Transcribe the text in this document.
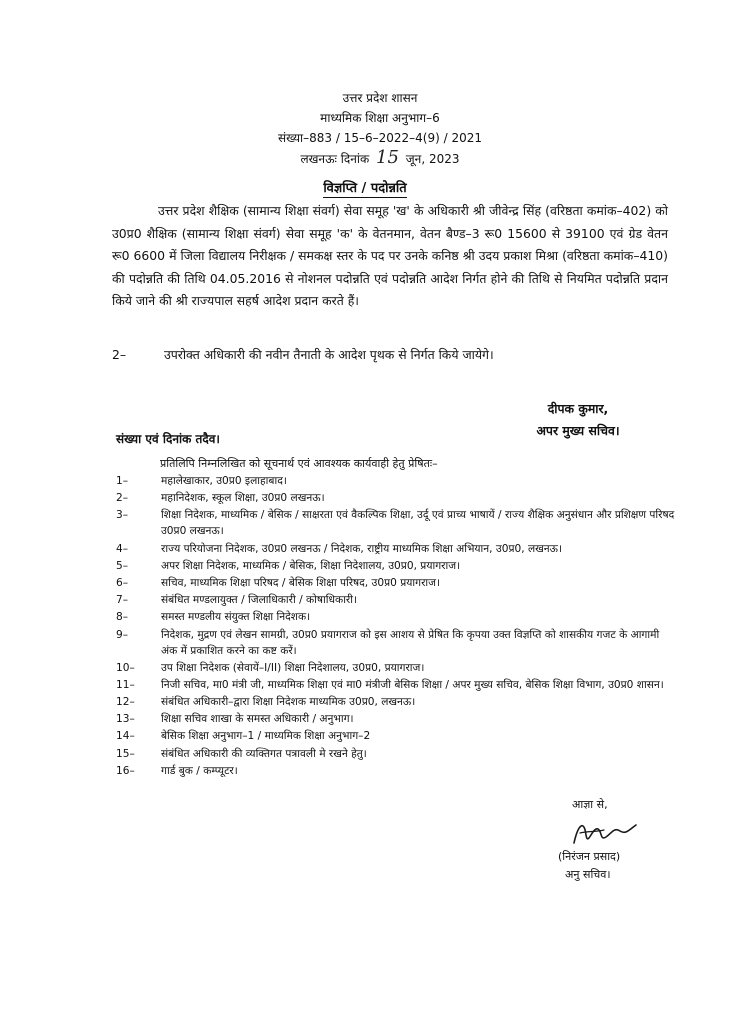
उत्तर प्रदेश शासन
माध्यमिक शिक्षा अनुभाग–6
संख्या–883 / 15–6–2022–4(9) / 2021
लखनऊः दिनांक 15 जून, 2023
विज्ञप्ति / पदोन्नति
उत्तर प्रदेश शैक्षिक (सामान्य शिक्षा संवर्ग) सेवा समूह 'ख' के अधिकारी श्री जीवेन्द्र सिंह (वरिष्ठता कमांक–402) को उ0प्र0 शैक्षिक (सामान्य शिक्षा संवर्ग) सेवा समूह 'क' के वेतनमान, वेतन बैण्ड–3 रू0 15600 से 39100 एवं ग्रेड वेतन रू0 6600 में जिला विद्यालय निरीक्षक / समकक्ष स्तर के पद पर उनके कनिष्ठ श्री उदय प्रकाश मिश्रा (वरिष्ठता कमांक–410) की पदोन्नति की तिथि 04.05.2016 से नोशनल पदोन्नति एवं पदोन्नति आदेश निर्गत होने की तिथि से नियमित पदोन्नति प्रदान किये जाने की श्री राज्यपाल सहर्ष आदेश प्रदान करते हैं।
2–	उपरोक्त अधिकारी की नवीन तैनाती के आदेश पृथक से निर्गत किये जायेगे।
दीपक कुमार,
अपर मुख्य सचिव।
संख्या एवं दिनांक तदैव।
प्रतिलिपि निम्नलिखित को सूचनार्थ एवं आवश्यक कार्यवाही हेतु प्रेषितः–
1–	महालेखाकार, उ0प्र0 इलाहाबाद।
2–	महानिदेशक, स्कूल शिक्षा, उ0प्र0 लखनऊ।
3–	शिक्षा निदेशक, माध्यमिक / बेसिक / साक्षरता एवं वैकल्पिक शिक्षा, उर्दू एवं प्राच्य भाषायें / राज्य शैक्षिक अनुसंधान और प्रशिक्षण परिषद उ0प्र0 लखनऊ।
4–	राज्य परियोजना निदेशक, उ0प्र0 लखनऊ / निदेशक, राष्ट्रीय माध्यमिक शिक्षा अभियान, उ0प्र0, लखनऊ।
5–	अपर शिक्षा निदेशक, माध्यमिक / बेसिक, शिक्षा निदेशालय, उ0प्र0, प्रयागराज।
6–	सचिव, माध्यमिक शिक्षा परिषद / बेसिक शिक्षा परिषद, उ0प्र0 प्रयागराज।
7–	संबंधित मण्डलायुक्त / जिलाधिकारी / कोषाधिकारी।
8–	समस्त मण्डलीय संयुक्त शिक्षा निदेशक।
9–	निदेशक, मुद्रण एवं लेखन सामग्री, उ0प्र0 प्रयागराज को इस आशय से प्रेषित कि कृपया उक्त विज्ञप्ति को शासकीय गजट के आगामी अंक में प्रकाशित करने का कष्ट करें।
10–	उप शिक्षा निदेशक (सेवायें–I/II) शिक्षा निदेशालय, उ0प्र0, प्रयागराज।
11–	निजी सचिव, मा0 मंत्री जी, माध्यमिक शिक्षा एवं मा0 मंत्रीजी बेसिक शिक्षा / अपर मुख्य सचिव, बेसिक शिक्षा विभाग, उ0प्र0 शासन।
12–	संबंधित अधिकारी–द्वारा शिक्षा निदेशक माध्यमिक उ0प्र0, लखनऊ।
13–	शिक्षा सचिव शाखा के समस्त अधिकारी / अनुभाग।
14–	बेसिक शिक्षा अनुभाग–1 / माध्यमिक शिक्षा अनुभाग–2
15–	संबंधित अधिकारी की व्यक्तिगत पत्रावली मे रखने हेतु।
16–	गार्ड बुक / कम्प्यूटर।
आज्ञा से,
(निरंजन प्रसाद)
अनु सचिव।
